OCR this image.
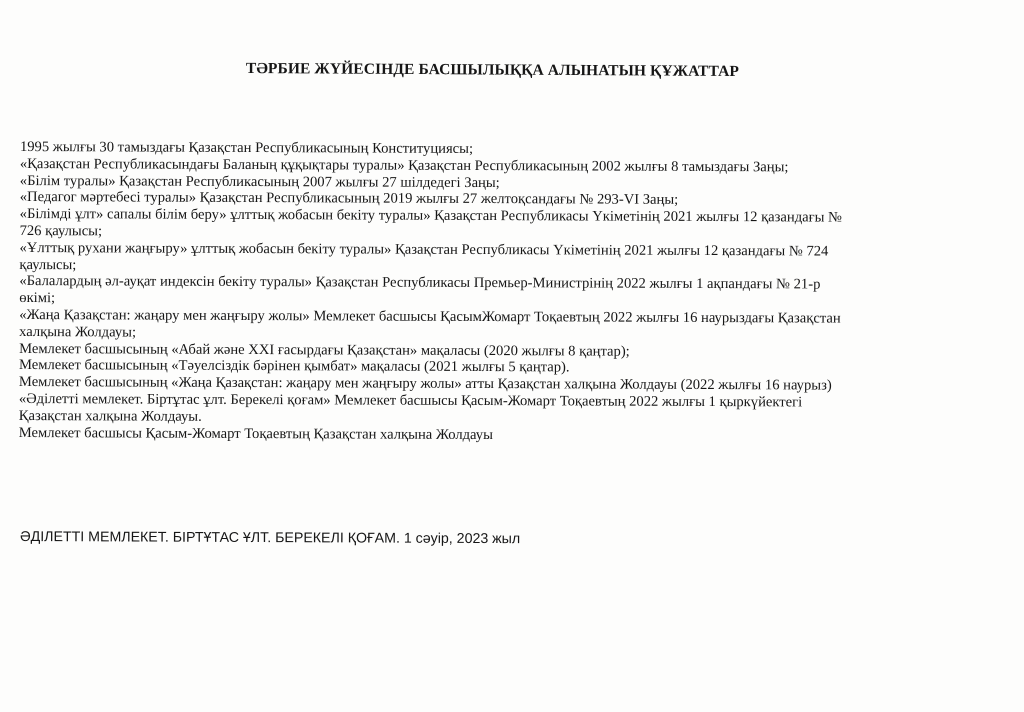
ТӘРБИЕ ЖҮЙЕСІНДЕ БАСШЫЛЫҚҚА АЛЫНАТЫН ҚҰЖАТТАР
1995 жылғы 30 тамыздағы Қазақстан Республикасының Конституциясы;
«Қазақстан Республикасындағы Баланың құқықтары туралы» Қазақстан Республикасының 2002 жылғы 8 тамыздағы Заңы;
«Білім туралы» Қазақстан Республикасының 2007 жылғы 27 шілдедегі Заңы;
«Педагог мәртебесі туралы» Қазақстан Республикасының 2019 жылғы 27 желтоқсандағы № 293-VI Заңы;
«Білімді ұлт» сапалы білім беру» ұлттық жобасын бекіту туралы» Қазақстан Республикасы Үкіметінің 2021 жылғы 12 қазандағы №
726 қаулысы;
«Ұлттық рухани жаңғыру» ұлттық жобасын бекіту туралы» Қазақстан Республикасы Үкіметінің 2021 жылғы 12 қазандағы № 724
қаулысы;
«Балалардың әл-ауқат индексін бекіту туралы» Қазақстан Республикасы Премьер-Министрінің 2022 жылғы 1 ақпандағы № 21-р
өкімі;
«Жаңа Қазақстан: жаңару мен жаңғыру жолы» Мемлекет басшысы ҚасымЖомарт Тоқаевтың 2022 жылғы 16 наурыздағы Қазақстан
халқына Жолдауы;
Мемлекет басшысының «Абай және XXI ғасырдағы Қазақстан» мақаласы (2020 жылғы 8 қаңтар);
Мемлекет басшысының «Тәуелсіздік бәрінен қымбат» мақаласы (2021 жылғы 5 қаңтар).
Мемлекет басшысының «Жаңа Қазақстан: жаңару мен жаңғыру жолы» атты Қазақстан халқына Жолдауы (2022 жылғы 16 наурыз)
«Әділетті мемлекет. Біртұтас ұлт. Берекелі қоғам» Мемлекет басшысы Қасым-Жомарт Тоқаевтың 2022 жылғы 1 қыркүйектегі
Қазақстан халқына Жолдауы.
Мемлекет басшысы Қасым-Жомарт Тоқаевтың Қазақстан халқына Жолдауы
ӘДІЛЕТТІ МЕМЛЕКЕТ. БІРТҰТАС ҰЛТ. БЕРЕКЕЛІ ҚОҒАМ. 1 сәуір, 2023 жыл
